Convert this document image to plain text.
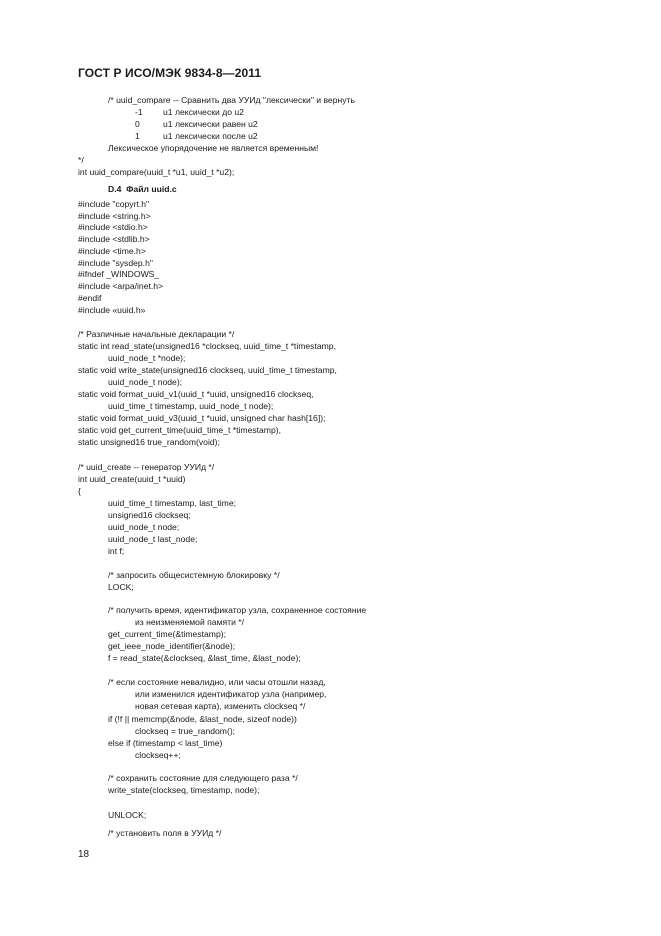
ГОСТ Р ИСО/МЭК 9834-8—2011
/* uuid_compare -- Сравнить два УУИд "лексически" и вернуть
-1 u1 лексически до u2
0	u1 лексически равен u2
1	u1 лексически после u2
Лексическое упорядочение не является временным!
*/
int uuid_compare(uuid_t *u1, uuid_t *u2);
D.4  Файл uuid.c
#include "copyrt.h"
#include <string.h>
#include <stdio.h>
#include <stdlib.h>
#include <time.h>
#include "sysdep.h"
#ifndef _WINDOWS_
#include <arpa/inet.h>
#endif
#include «uuid.h»
/* Различные начальные декларации */
static int read_state(unsigned16 *clockseq, uuid_time_t *timestamp,
uuid_node_t *node);
static void write_state(unsigned16 clockseq, uuid_time_t timestamp,
uuid_node_t node);
static void format_uuid_v1(uuid_t *uuid, unsigned16 clockseq,
uuid_time_t timestamp, uuid_node_t node);
static void format_uuid_v3(uuid_t *uuid, unsigned char hash[16]);
static void get_current_time(uuid_time_t *timestamp),
static unsigned16 true_random(void);
/* uuid_create -- генератор УУИд */
int uuid_create(uuid_t *uuid)
{
uuid_time_t timestamp, last_time;
unsigned16 clockseq;
uuid_node_t node;
uuid_node_t last_node;
int f;
/* запросить общесистемную блокировку */
LOCK;
/* получить время, идентификатор узла, сохраненное состояние
из неизменяемой памяти */
get_current_time(&timestamp);
get_ieee_node_identifier(&node);
f = read_state(&clockseq, &last_time, &last_node);
/* если состояние невалидно, или часы отошли назад,
или изменился идентификатор узла (например,
новая сетевая карта), изменить clockseq */
if (!f || memcmp(&node, &last_node, sizeof node))
clockseq = true_random();
else if (timestamp < last_time)
clockseq++;
/* сохранить состояние для следующего раза */
write_state(clockseq, timestamp, node);
UNLOCK;
/* установить поля в УУИд */
18
